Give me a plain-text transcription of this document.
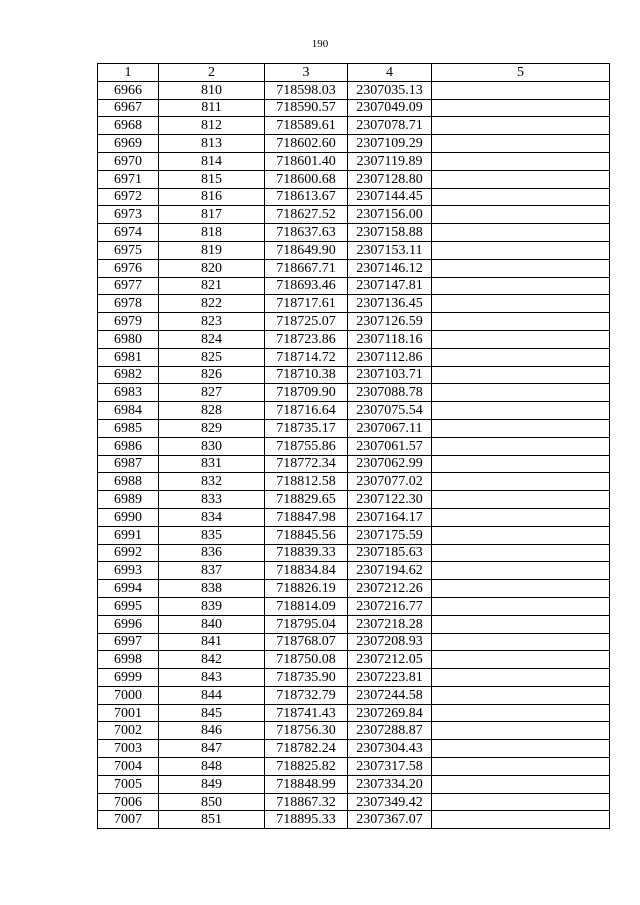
190
1	2	3	4	5
6966	810	718598.03	2307035.13	
6967	811	718590.57	2307049.09	
6968	812	718589.61	2307078.71	
6969	813	718602.60	2307109.29	
6970	814	718601.40	2307119.89	
6971	815	718600.68	2307128.80	
6972	816	718613.67	2307144.45	
6973	817	718627.52	2307156.00	
6974	818	718637.63	2307158.88	
6975	819	718649.90	2307153.11	
6976	820	718667.71	2307146.12	
6977	821	718693.46	2307147.81	
6978	822	718717.61	2307136.45	
6979	823	718725.07	2307126.59	
6980	824	718723.86	2307118.16	
6981	825	718714.72	2307112.86	
6982	826	718710.38	2307103.71	
6983	827	718709.90	2307088.78	
6984	828	718716.64	2307075.54	
6985	829	718735.17	2307067.11	
6986	830	718755.86	2307061.57	
6987	831	718772.34	2307062.99	
6988	832	718812.58	2307077.02	
6989	833	718829.65	2307122.30	
6990	834	718847.98	2307164.17	
6991	835	718845.56	2307175.59	
6992	836	718839.33	2307185.63	
6993	837	718834.84	2307194.62	
6994	838	718826.19	2307212.26	
6995	839	718814.09	2307216.77	
6996	840	718795.04	2307218.28	
6997	841	718768.07	2307208.93	
6998	842	718750.08	2307212.05	
6999	843	718735.90	2307223.81	
7000	844	718732.79	2307244.58	
7001	845	718741.43	2307269.84	
7002	846	718756.30	2307288.87	
7003	847	718782.24	2307304.43	
7004	848	718825.82	2307317.58	
7005	849	718848.99	2307334.20	
7006	850	718867.32	2307349.42	
7007	851	718895.33	2307367.07	
